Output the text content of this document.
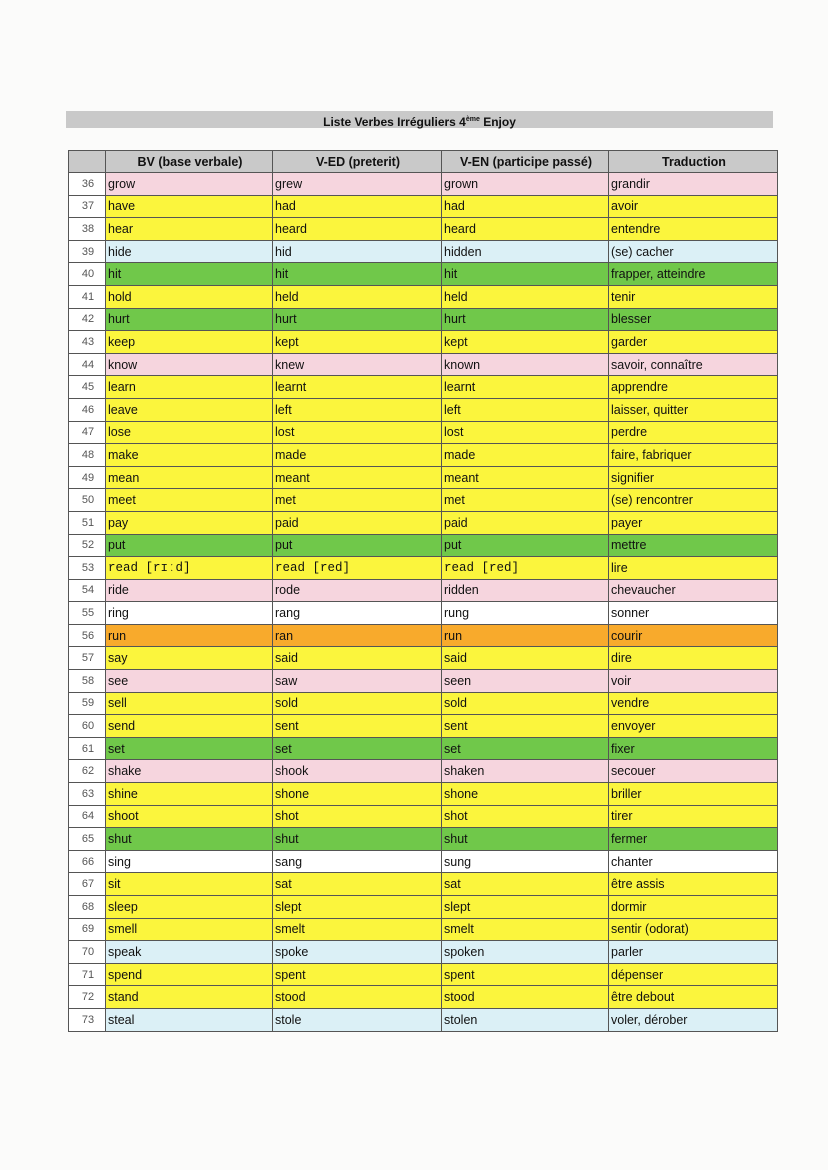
Liste Verbes Irréguliers 4ème Enjoy
	BV (base verbale)	V-ED (preterit)	V-EN (participe passé)	Traduction
36	grow	grew	grown	grandir
37	have	had	had	avoir
38	hear	heard	heard	entendre
39	hide	hid	hidden	(se) cacher
40	hit	hit	hit	frapper, atteindre
41	hold	held	held	tenir
42	hurt	hurt	hurt	blesser
43	keep	kept	kept	garder
44	know	knew	known	savoir, connaître
45	learn	learnt	learnt	apprendre
46	leave	left	left	laisser, quitter
47	lose	lost	lost	perdre
48	make	made	made	faire, fabriquer
49	mean	meant	meant	signifier
50	meet	met	met	(se) rencontrer
51	pay	paid	paid	payer
52	put	put	put	mettre
53	read [rɪːd]	read [red]	read [red]	lire
54	ride	rode	ridden	chevaucher
55	ring	rang	rung	sonner
56	run	ran	run	courir
57	say	said	said	dire
58	see	saw	seen	voir
59	sell	sold	sold	vendre
60	send	sent	sent	envoyer
61	set	set	set	fixer
62	shake	shook	shaken	secouer
63	shine	shone	shone	briller
64	shoot	shot	shot	tirer
65	shut	shut	shut	fermer
66	sing	sang	sung	chanter
67	sit	sat	sat	être assis
68	sleep	slept	slept	dormir
69	smell	smelt	smelt	sentir (odorat)
70	speak	spoke	spoken	parler
71	spend	spent	spent	dépenser
72	stand	stood	stood	être debout
73	steal	stole	stolen	voler, dérober
